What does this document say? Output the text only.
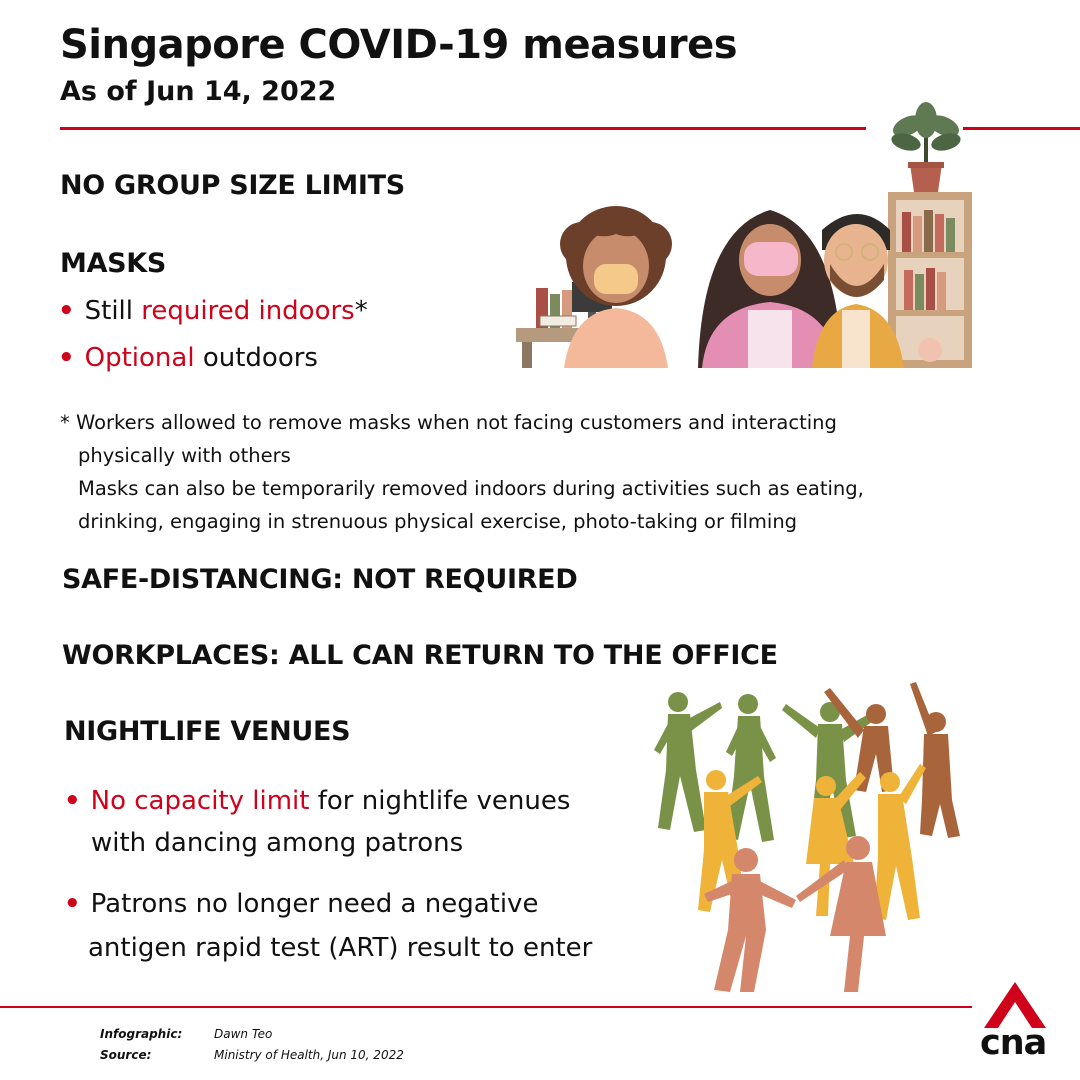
Singapore COVID-19 measures
As of Jun 14, 2022
NO GROUP SIZE LIMITS
MASKS
• Still required indoors*
• Optional outdoors
* Workers allowed to remove masks when not facing customers and interacting
physically with others
Masks can also be temporarily removed indoors during activities such as eating,
drinking, engaging in strenuous physical exercise, photo-taking or filming
SAFE-DISTANCING: NOT REQUIRED
WORKPLACES: ALL CAN RETURN TO THE OFFICE
NIGHTLIFE VENUES
• No capacity limit for nightlife venues
with dancing among patrons
• Patrons no longer need a negative
antigen rapid test (ART) result to enter
Infographic:	Dawn Teo
Source:	Ministry of Health, Jun 10, 2022	cna
